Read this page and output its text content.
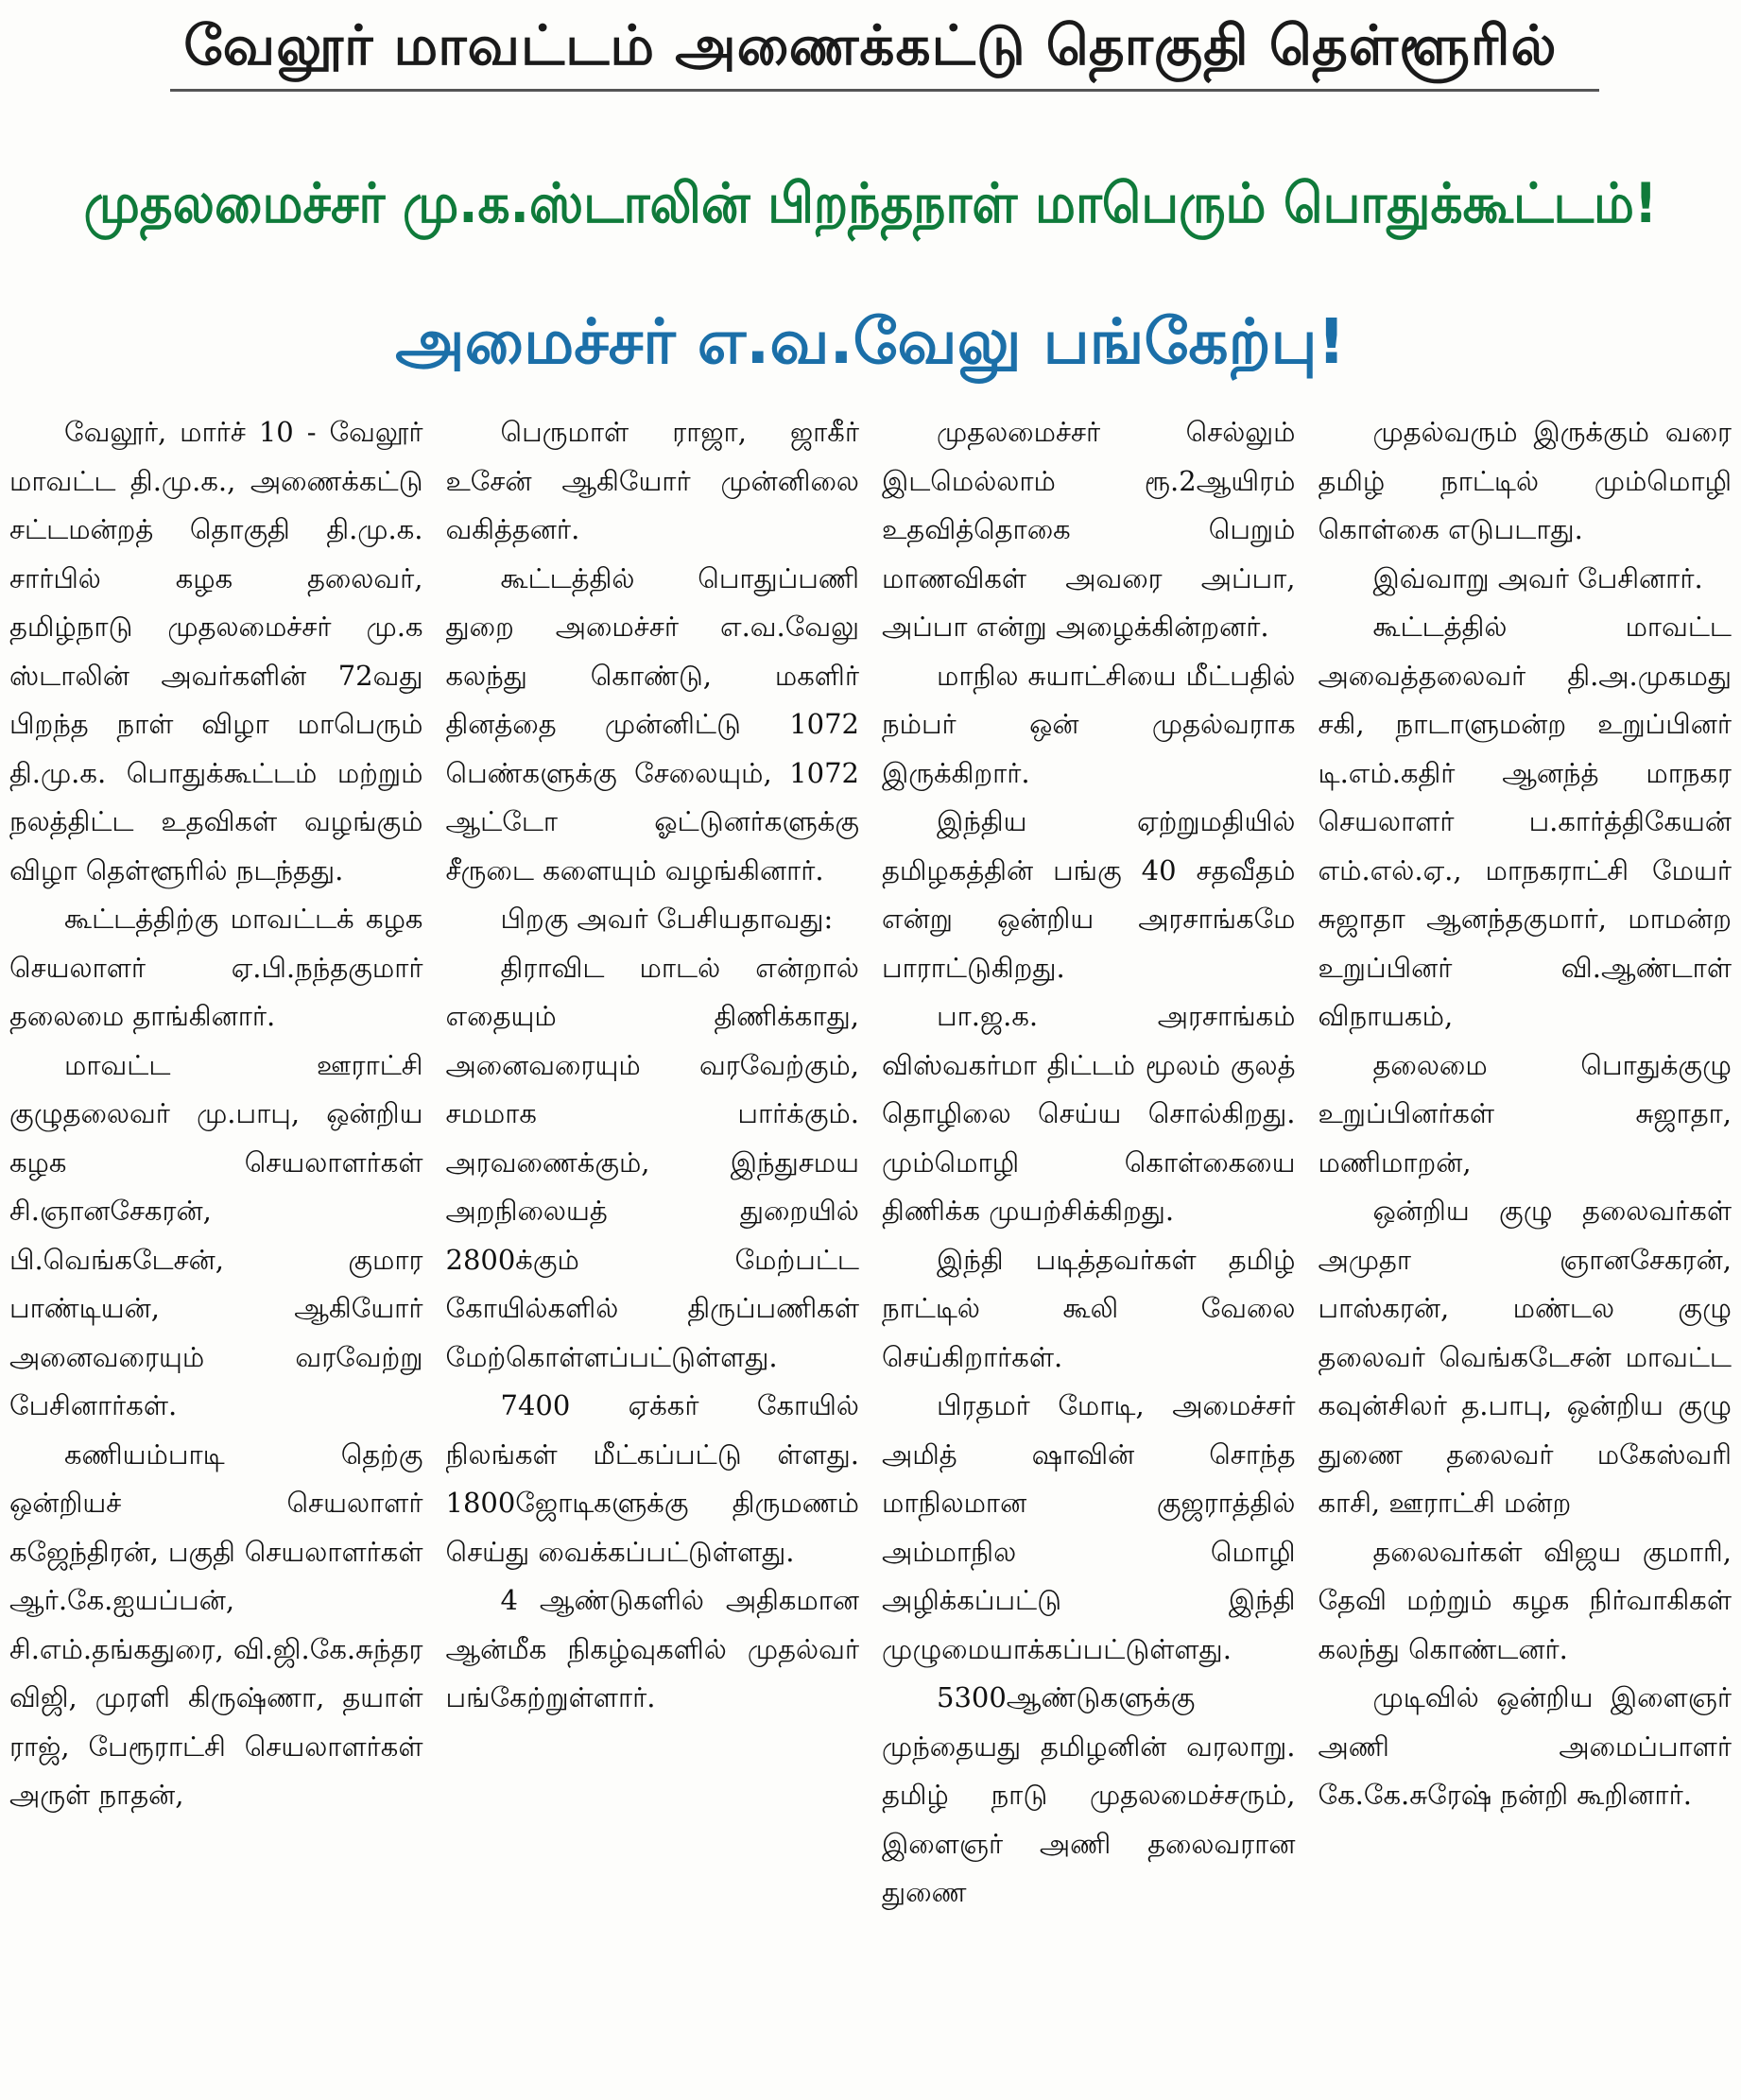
வேலூர் மாவட்டம் அணைக்கட்டு தொகுதி தெள்ளூரில்
முதலமைச்சர் மு.க.ஸ்டாலின் பிறந்தநாள் மாபெரும் பொதுக்கூட்டம்!
அமைச்சர் எ.வ.வேலு பங்கேற்பு!

வேலூர், மார்ச் 10 - வேலூர் மாவட்ட தி.மு.க., அணைக்கட்டு சட்டமன்றத் தொகுதி தி.மு.க. சார்பில் கழக தலைவர், தமிழ்நாடு முதலமைச்சர் மு.க ஸ்டாலின் அவர்களின் 72வது பிறந்த நாள் விழா மாபெரும் தி.மு.க. பொதுக்கூட்டம் மற்றும் நலத்திட்ட உதவிகள் வழங்கும் விழா தெள்ளூரில் நடந்தது.

கூட்டத்திற்கு மாவட்டக் கழக செயலாளர் ஏ.பி.நந்தகுமார் தலைமை தாங்கினார்.

மாவட்ட ஊராட்சி குழுதலைவர் மு.பாபு, ஒன்றிய கழக செயலாளர்கள் சி.ஞானசேகரன், பி.வெங்கடேசன், குமார பாண்டியன், ஆகியோர் அனைவரையும் வரவேற்று பேசினார்கள்.

கணியம்பாடி தெற்கு ஒன்றியச் செயலாளர் கஜேந்திரன், பகுதி செயலாளர்கள் ஆர்.கே.ஐயப்பன், சி.எம்.தங்கதுரை, வி.ஜி.கே.சுந்தர விஜி, முரளி கிருஷ்ணா, தயாள் ராஜ், பேரூராட்சி செயலாளர்கள் அருள் நாதன்,

பெருமாள் ராஜா, ஜாகீர் உசேன் ஆகியோர் முன்னிலை வகித்தனர்.

கூட்டத்தில் பொதுப்பணி துறை அமைச்சர் எ.வ.வேலு கலந்து கொண்டு, மகளிர் தினத்தை முன்னிட்டு 1072 பெண்களுக்கு சேலையும், 1072 ஆட்டோ ஓட்டுனர்களுக்கு சீருடை களையும் வழங்கினார்.

பிறகு அவர் பேசியதாவது:

திராவிட மாடல் என்றால் எதையும் திணிக்காது, அனைவரையும் வரவேற்கும், சமமாக பார்க்கும். அரவணைக்கும், இந்துசமய அறநிலையத் துறையில் 2800க்கும் மேற்பட்ட கோயில்களில் திருப்பணிகள் மேற்கொள்ளப்பட்டுள்ளது.

7400 ஏக்கர் கோயில் நிலங்கள் மீட்கப்பட்டு ள்ளது. 1800ஜோடிகளுக்கு திருமணம் செய்து வைக்கப்பட்டுள்ளது.

4 ஆண்டுகளில் அதிகமான ஆன்மீக நிகழ்வுகளில் முதல்வர் பங்கேற்றுள்ளார்.

முதலமைச்சர் செல்லும் இடமெல்லாம் ரூ.2ஆயிரம் உதவித்தொகை பெறும் மாணவிகள் அவரை அப்பா, அப்பா என்று அழைக்கின்றனர்.

மாநில சுயாட்சியை மீட்பதில் நம்பர் ஒன் முதல்வராக இருக்கிறார்.

இந்திய ஏற்றுமதியில் தமிழகத்தின் பங்கு 40 சதவீதம் என்று ஒன்றிய அரசாங்கமே பாராட்டுகிறது.

பா.ஜ.க. அரசாங்கம் விஸ்வகர்மா திட்டம் மூலம் குலத் தொழிலை செய்ய சொல்கிறது. மும்மொழி கொள்கையை திணிக்க முயற்சிக்கிறது.

இந்தி படித்தவர்கள் தமிழ் நாட்டில் கூலி வேலை செய்கிறார்கள்.

பிரதமர் மோடி, அமைச்சர் அமித் ஷாவின் சொந்த மாநிலமான குஜராத்தில் அம்மாநில மொழி அழிக்கப்பட்டு இந்தி முழுமையாக்கப்பட்டுள்ளது.

5300ஆண்டுகளுக்கு முந்தையது தமிழனின் வரலாறு. தமிழ் நாடு முதலமைச்சரும், இளைஞர் அணி தலைவரான துணை

முதல்வரும் இருக்கும் வரை தமிழ் நாட்டில் மும்மொழி கொள்கை எடுபடாது.

இவ்வாறு அவர் பேசினார்.

கூட்டத்தில் மாவட்ட அவைத்தலைவர் தி.அ.முகமது சகி, நாடாளுமன்ற உறுப்பினர் டி.எம்.கதிர் ஆனந்த் மாநகர செயலாளர் ப.கார்த்திகேயன் எம்.எல்.ஏ., மாநகராட்சி மேயர் சுஜாதா ஆனந்தகுமார், மாமன்ற உறுப்பினர் வி.ஆண்டாள் விநாயகம்,

தலைமை பொதுக்குழு உறுப்பினர்கள் சுஜாதா, மணிமாறன்,

ஒன்றிய குழு தலைவர்கள் அமுதா ஞானசேகரன், பாஸ்கரன், மண்டல குழு தலைவர் வெங்கடேசன் மாவட்ட கவுன்சிலர் த.பாபு, ஒன்றிய குழு துணை தலைவர் மகேஸ்வரி காசி, ஊராட்சி மன்ற

தலைவர்கள் விஜய குமாரி, தேவி மற்றும் கழக நிர்வாகிகள் கலந்து கொண்டனர்.

முடிவில் ஒன்றிய இளைஞர் அணி அமைப்பாளர் கே.கே.சுரேஷ் நன்றி கூறினார்.
